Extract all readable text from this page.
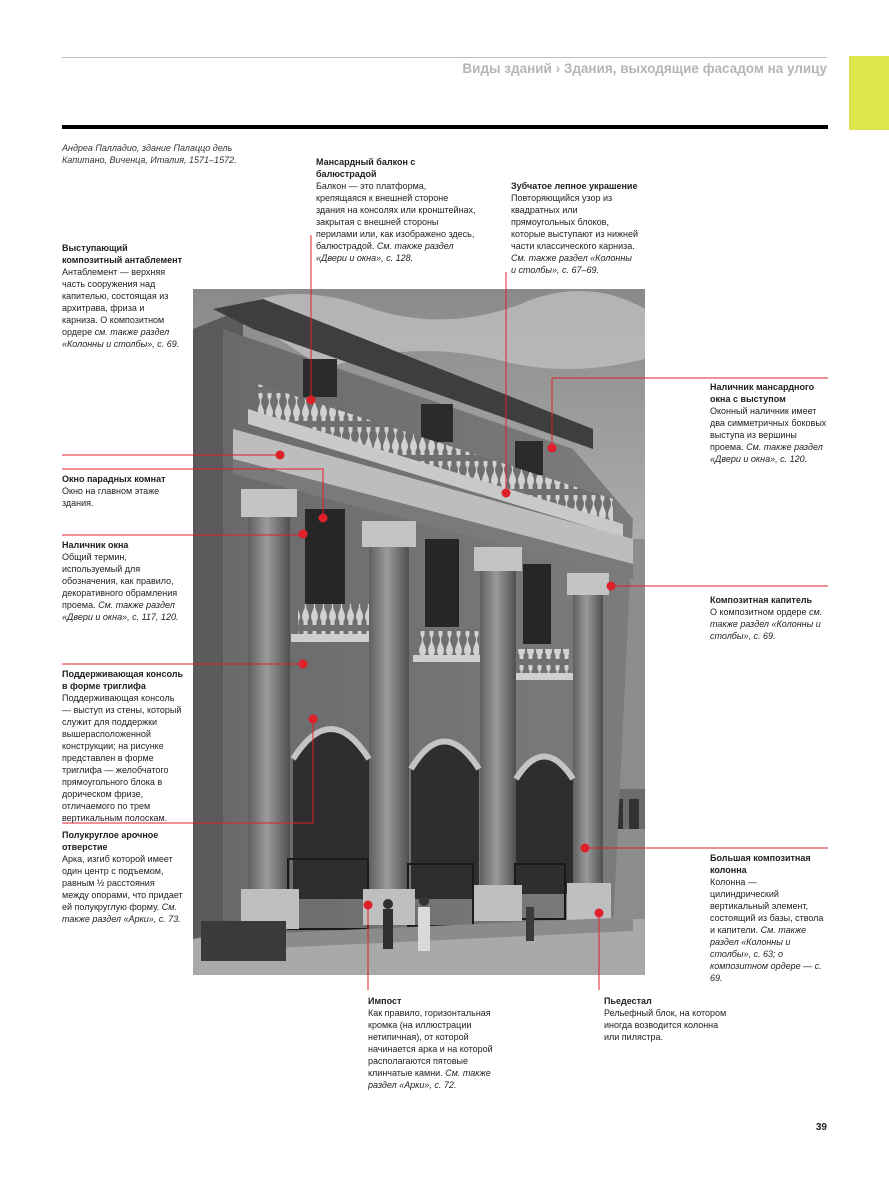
Виды зданий › Здания, выходящие фасадом на улицу
Андреа Палладио, здание Палаццо дель Капитано, Виченца, Италия, 1571–1572.
Выступающий композитный антаблемент
Антаблемент — верхняя часть сооружения над капителью, состоящая из архитрава, фриза и карниза. О композитном ордере см. также раздел «Колонны и столбы», с. 69.
Окно парадных комнат
Окно на главном этаже здания.
Наличник окна
Общий термин, используемый для обозначения, как правило, декоративного обрамления проема. См. также раздел «Двери и окна», с. 117, 120.
Поддерживающая консоль в форме триглифа
Поддерживающая консоль — выступ из стены, который служит для поддержки вышерасположенной конструкции; на рисунке представлен в форме триглифа — желобчатого прямоугольного блока в дорическом фризе, отличаемого по трем вертикальным полоскам.
Полукруглое арочное отверстие
Арка, изгиб которой имеет один центр с подъемом, равным ½ расстояния между опорами, что придает ей полукруглую форму. См. также раздел «Арки», с. 73.
Мансардный балкон с балюстрадой
Балкон — это платформа, крепящаяся к внешней стороне здания на консолях или кронштейнах, закрытая с внешней стороны перилами или, как изображено здесь, балюстрадой. См. также раздел «Двери и окна», с. 128.
Зубчатое лепное украшение
Повторяющийся узор из квадратных или прямоугольных блоков, которые выступают из нижней части классического карниза. См. также раздел «Колонны и столбы», с. 67–69.
Наличник мансардного окна с выступом
Оконный наличник имеет два симметричных боковых выступа из вершины проема. См. также раздел «Двери и окна», с. 120.
Композитная капитель
О композитном ордере см. также раздел «Колонны и столбы», с. 69.
Большая композитная колонна
Колонна — цилиндрический вертикальный элемент, состоящий из базы, ствола и капители. См. также раздел «Колонны и столбы», с. 63; о композитном ордере — с. 69.
Импост
Как правило, горизонтальная кромка (на иллюстрации нетипичная), от которой начинается арка и на которой располагаются пятовые клинчатые камни. См. также раздел «Арки», с. 72.
Пьедестал
Рельефный блок, на котором иногда возводится колонна или пилястра.
39
